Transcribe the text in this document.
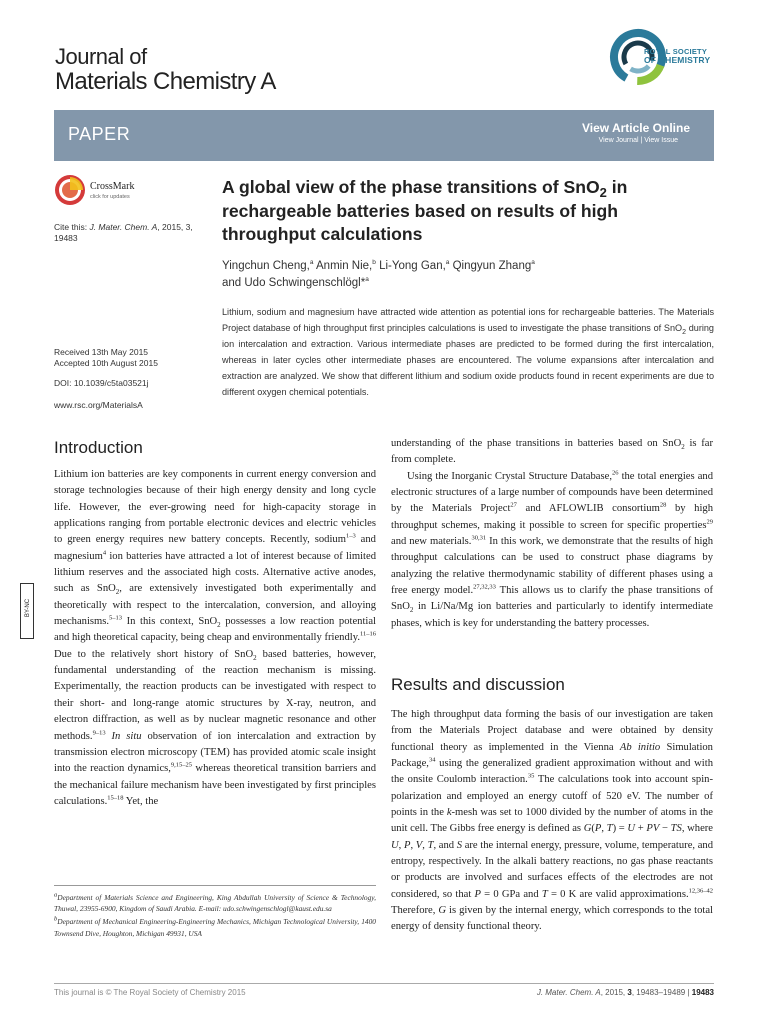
Journal of
Materials Chemistry A
ROYAL SOCIETY
OF CHEMISTRY
PAPER	View Article Online
View Journal | View Issue
CrossMark
click for updates
Cite this: J. Mater. Chem. A, 2015, 3,
19483
Received 13th May 2015
Accepted 10th August 2015
DOI: 10.1039/c5ta03521j
www.rsc.org/MaterialsA
A global view of the phase transitions of SnO$_2$ in rechargeable batteries based on results of high throughput calculations
Yingchun Cheng,$^a$ Anmin Nie,$^b$ Li-Yong Gan,$^a$ Qingyun Zhang$^a$
and Udo Schwingenschlögl*$^a$
Lithium, sodium and magnesium have attracted wide attention as potential ions for rechargeable batteries. The Materials Project database of high throughput first principles calculations is used to investigate the phase transitions of SnO$_2$ during ion intercalation and extraction. Various intermediate phases are predicted to be formed during the first intercalation, whereas in later cycles other intermediate phases are encountered. The volume expansions after intercalation and extraction are analyzed. We show that different lithium and sodium oxide products found in recent experiments are due to different oxygen chemical potentials.
Introduction
Results and discussion

Lithium ion batteries are key components in current energy conversion and storage technologies because of their high energy density and long cycle life. However, the ever-growing need for high-capacity storage in applications ranging from portable electronic devices and electric vehicles to green energy requires new battery concepts. Recently, sodium$^{1-3}$ and magnesium$^4$ ion batteries have attracted a lot of interest because of limited lithium reserves and the associated high costs. Alternative active anodes, such as SnO$_2$, are extensively investigated both experimentally and theoretically with respect to the intercalation, conversion, and alloying mechanisms.$^{5-13}$ In this context, SnO$_2$ possesses a low reaction potential and high theoretical capacity, being cheap and environmentally friendly.$^{11-16}$ Due to the relatively short history of SnO$_2$ based batteries, however, fundamental understanding of the reaction mechanism is missing. Experimentally, the reaction products can be investigated with respect to their short- and long-range atomic structures by X-ray, neutron, and electron diffraction, as well as by nuclear magnetic resonance and other methods.$^{9-13}$ In situ observation of ion intercalation and extraction by transmission electron microscopy (TEM) has provided atomic scale insight into the reaction dynamics,$^{9,15-25}$ whereas theoretical transition barriers and the mechanical failure mechanism have been investigated by first principles calculations.$^{15-18}$ Yet, the

understanding of the phase transitions in batteries based on SnO$_2$ is far from complete.

Using the Inorganic Crystal Structure Database,$^{26}$ the total energies and electronic structures of a large number of compounds have been determined by the Materials Project$^{27}$ and AFLOWLIB consortium$^{28}$ by high throughput schemes, making it possible to screen for specific properties$^{29}$ and new materials.$^{30,31}$ In this work, we demonstrate that the results of high throughput calculations can be used to construct phase diagrams by analyzing the relative thermodynamic stability of different phases using a free energy model.$^{27,32,33}$ This allows us to clarify the phase transitions of SnO$_2$ in Li/Na/Mg ion batteries and particularly to identify intermediate phases, which is key for understanding the battery processes.

The high throughput data forming the basis of our investigation are taken from the Materials Project database and were obtained by density functional theory as implemented in the Vienna Ab initio Simulation Package,$^{34}$ using the generalized gradient approximation without and with the onsite Coulomb interaction.$^{35}$ The calculations took into account spin-polarization and employed an energy cutoff of 520 eV. The number of points in the k-mesh was set to 1000 divided by the number of atoms in the unit cell. The Gibbs free energy is defined as G(P, T) = U + PV − TS, where U, P, V, T, and S are the internal energy, pressure, volume, temperature, and entropy, respectively. In the alkali battery reactions, no gas phase reactants or products are involved and surfaces effects of the electrodes are not considered, so that P = 0 GPa and T = 0 K are valid approximations.$^{12,36-42}$ Therefore, G is given by the internal energy, which corresponds to the total energy of density functional theory.

$^a$Department of Materials Science and Engineering, King Abdullah University of Science & Technology, Thuwal, 23955-6900, Kingdom of Saudi Arabia. E-mail: udo.schwingenschlogl@kaust.edu.sa

$^b$Department of Mechanical Engineering-Engineering Mechanics, Michigan Technological University, 1400 Townsend Dive, Houghton, Michigan 49931, USA

BY-NC
This journal is © The Royal Society of Chemistry 2015	J. Mater. Chem. A, 2015, 3, 19483–19489 | 19483
